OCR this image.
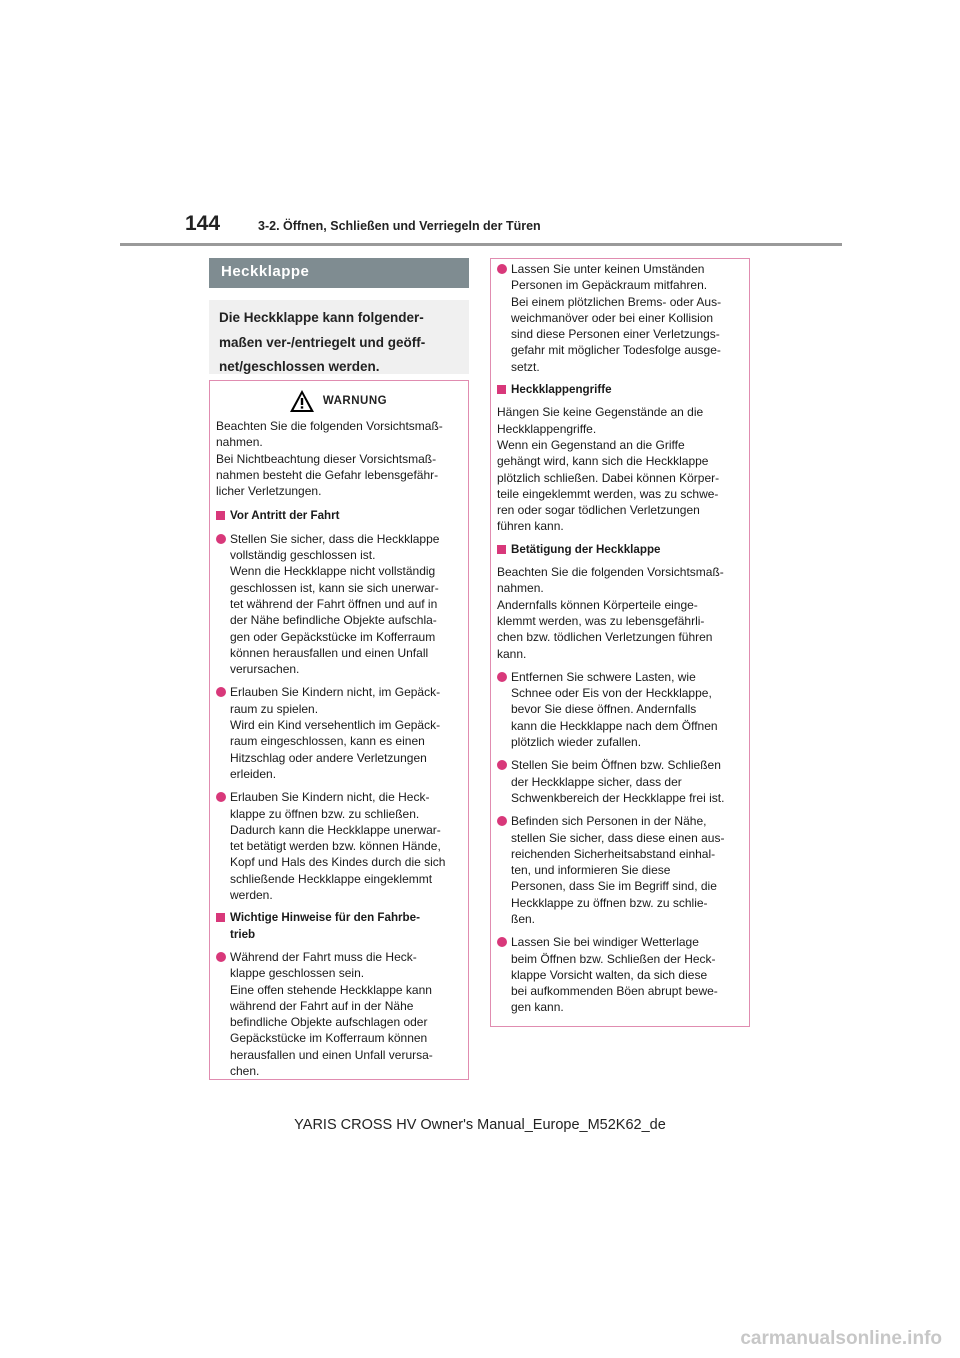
144	3-2. Öffnen, Schließen und Verriegeln der Türen
Heckklappe
Die Heckklappe kann folgender-
maßen ver-/entriegelt und geöff-
net/geschlossen werden.
WARNUNG
Beachten Sie die folgenden Vorsichtsmaß-
nahmen.
Bei Nichtbeachtung dieser Vorsichtsmaß-
nahmen besteht die Gefahr lebensgefähr-
licher Verletzungen.
Vor Antritt der Fahrt
Stellen Sie sicher, dass die Heckklappe
vollständig geschlossen ist.
Wenn die Heckklappe nicht vollständig
geschlossen ist, kann sie sich unerwar-
tet während der Fahrt öffnen und auf in
der Nähe befindliche Objekte aufschla-
gen oder Gepäckstücke im Kofferraum
können herausfallen und einen Unfall
verursachen.
Erlauben Sie Kindern nicht, im Gepäck-
raum zu spielen.
Wird ein Kind versehentlich im Gepäck-
raum eingeschlossen, kann es einen
Hitzschlag oder andere Verletzungen
erleiden.
Erlauben Sie Kindern nicht, die Heck-
klappe zu öffnen bzw. zu schließen.
Dadurch kann die Heckklappe unerwar-
tet betätigt werden bzw. können Hände,
Kopf und Hals des Kindes durch die sich
schließende Heckklappe eingeklemmt
werden.
Wichtige Hinweise für den Fahrbe-
trieb
Während der Fahrt muss die Heck-
klappe geschlossen sein.
Eine offen stehende Heckklappe kann
während der Fahrt auf in der Nähe
befindliche Objekte aufschlagen oder
Gepäckstücke im Kofferraum können
herausfallen und einen Unfall verursa-
chen.
Lassen Sie unter keinen Umständen
Personen im Gepäckraum mitfahren.
Bei einem plötzlichen Brems- oder Aus-
weichmanöver oder bei einer Kollision
sind diese Personen einer Verletzungs-
gefahr mit möglicher Todesfolge ausge-
setzt.
Heckklappengriffe
Hängen Sie keine Gegenstände an die
Heckklappengriffe.
Wenn ein Gegenstand an die Griffe
gehängt wird, kann sich die Heckklappe
plötzlich schließen. Dabei können Körper-
teile eingeklemmt werden, was zu schwe-
ren oder sogar tödlichen Verletzungen
führen kann.
Betätigung der Heckklappe
Beachten Sie die folgenden Vorsichtsmaß-
nahmen.
Andernfalls können Körperteile einge-
klemmt werden, was zu lebensgefährli-
chen bzw. tödlichen Verletzungen führen
kann.
Entfernen Sie schwere Lasten, wie
Schnee oder Eis von der Heckklappe,
bevor Sie diese öffnen. Andernfalls
kann die Heckklappe nach dem Öffnen
plötzlich wieder zufallen.
Stellen Sie beim Öffnen bzw. Schließen
der Heckklappe sicher, dass der
Schwenkbereich der Heckklappe frei ist.
Befinden sich Personen in der Nähe,
stellen Sie sicher, dass diese einen aus-
reichenden Sicherheitsabstand einhal-
ten, und informieren Sie diese
Personen, dass Sie im Begriff sind, die
Heckklappe zu öffnen bzw. zu schlie-
ßen.
Lassen Sie bei windiger Wetterlage
beim Öffnen bzw. Schließen der Heck-
klappe Vorsicht walten, da sich diese
bei aufkommenden Böen abrupt bewe-
gen kann.
YARIS CROSS HV Owner's Manual_Europe_M52K62_de
carmanualsonline.info
